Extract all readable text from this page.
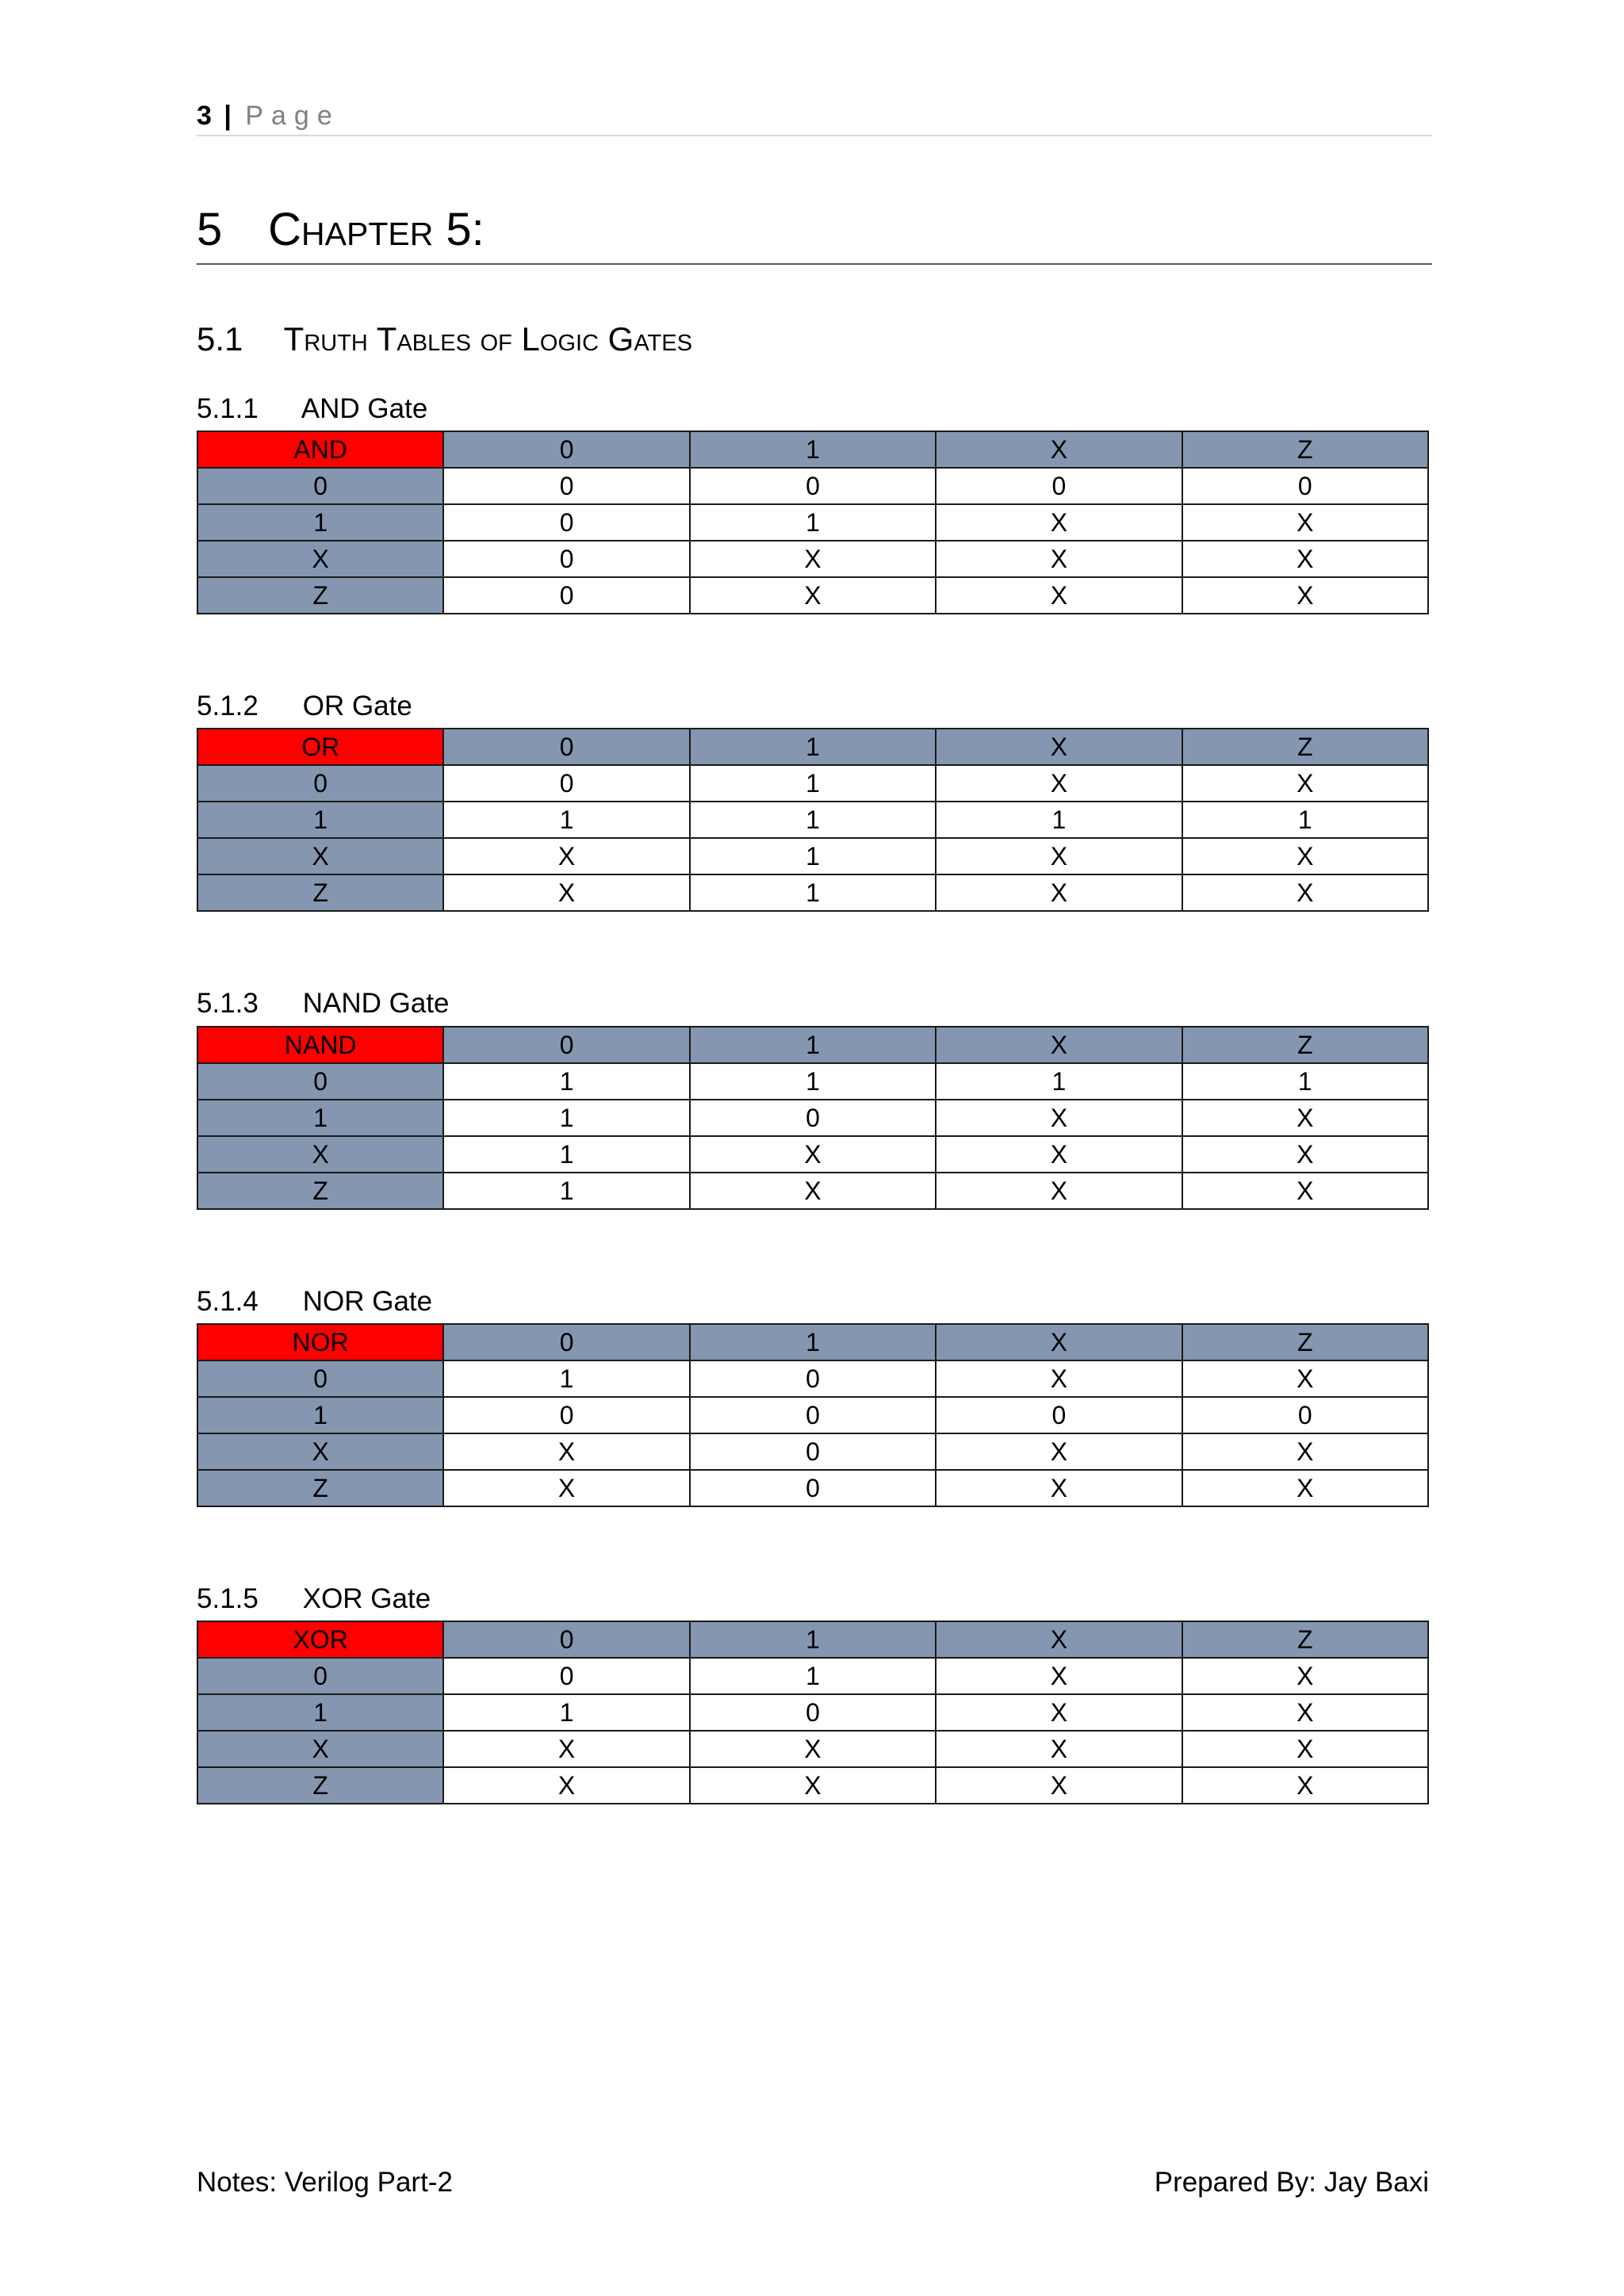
3 | Page
5 Chapter 5:
5.1 Truth Tables of Logic Gates
5.1.1 AND Gate
AND	0	1	X	Z
0	0	0	0	0
1	0	1	X	X
X	0	X	X	X
Z	0	X	X	X
5.1.2 OR Gate
OR	0	1	X	Z
0	0	1	X	X
1	1	1	1	1
X	X	1	X	X
Z	X	1	X	X
5.1.3 NAND Gate
NAND	0	1	X	Z
0	1	1	1	1
1	1	0	X	X
X	1	X	X	X
Z	1	X	X	X
5.1.4 NOR Gate
NOR	0	1	X	Z
0	1	0	X	X
1	0	0	0	0
X	X	0	X	X
Z	X	0	X	X
5.1.5 XOR Gate
XOR	0	1	X	Z
0	0	1	X	X
1	1	0	X	X
X	X	X	X	X
Z	X	X	X	X
Notes: Verilog Part-2	Prepared By: Jay Baxi
